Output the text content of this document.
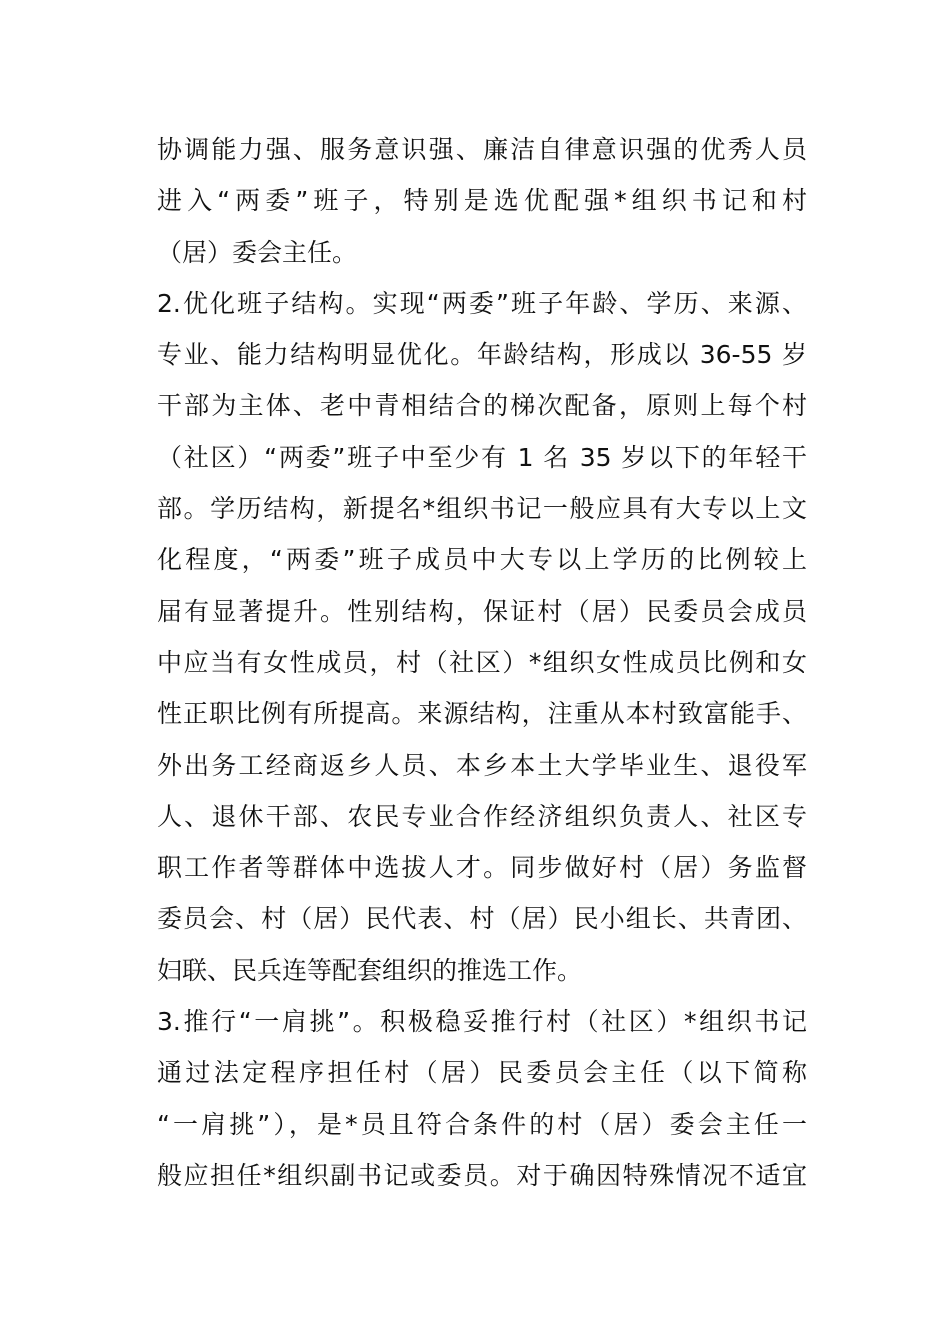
协调能力强、服务意识强、廉洁自律意识强的优秀人员
进入“两委”班子，特别是选优配强*组织书记和村
（居）委会主任。
2.优化班子结构。实现“两委”班子年龄、学历、来源、
专业、能力结构明显优化。年龄结构，形成以 36-55 岁
干部为主体、老中青相结合的梯次配备，原则上每个村
（社区）“两委”班子中至少有 1 名 35 岁以下的年轻干
部。学历结构，新提名*组织书记一般应具有大专以上文
化程度，“两委”班子成员中大专以上学历的比例较上
届有显著提升。性别结构，保证村（居）民委员会成员
中应当有女性成员，村（社区）*组织女性成员比例和女
性正职比例有所提高。来源结构，注重从本村致富能手、
外出务工经商返乡人员、本乡本土大学毕业生、退役军
人、退休干部、农民专业合作经济组织负责人、社区专
职工作者等群体中选拔人才。同步做好村（居）务监督
委员会、村（居）民代表、村（居）民小组长、共青团、
妇联、民兵连等配套组织的推选工作。
3.推行“一肩挑”。积极稳妥推行村（社区）*组织书记
通过法定程序担任村（居）民委员会主任（以下简称
“一肩挑”），是*员且符合条件的村（居）委会主任一
般应担任*组织副书记或委员。对于确因特殊情况不适宜
